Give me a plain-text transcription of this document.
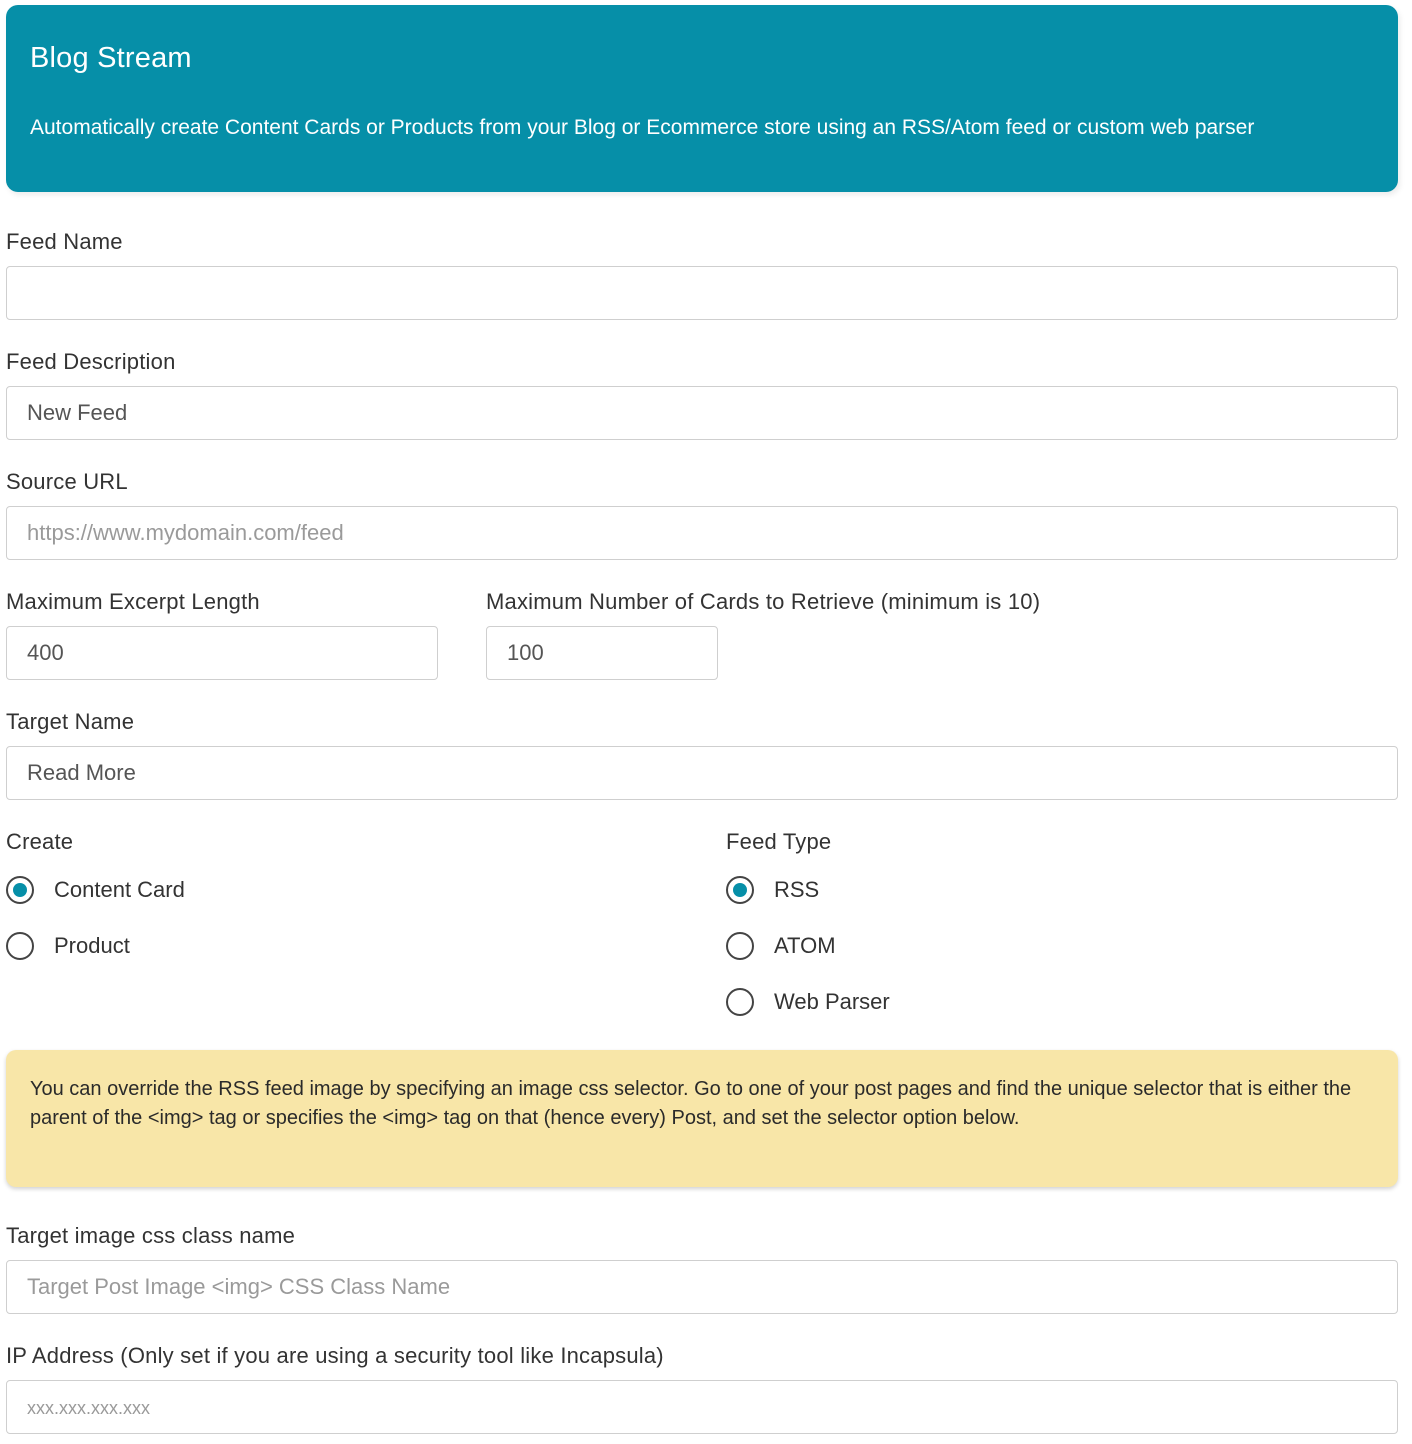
Blog Stream
Automatically create Content Cards or Products from your Blog or Ecommerce store using an RSS/Atom feed or custom web parser
Feed Name
Feed Description
New Feed
Source URL
https://www.mydomain.com/feed
Maximum Excerpt Length
400	Maximum Number of Cards to Retrieve (minimum is 10)
100
Target Name
Read More
Create
Content Card
Product
Feed Type
RSS
ATOM
Web Parser
You can override the RSS feed image by specifying an image css selector. Go to one of your post pages and find the unique selector that is either the parent of the <img> tag or specifies the <img> tag on that (hence every) Post, and set the selector option below.
Target image css class name
Target Post Image <img> CSS Class Name
IP Address (Only set if you are using a security tool like Incapsula)
xxx.xxx.xxx.xxx
